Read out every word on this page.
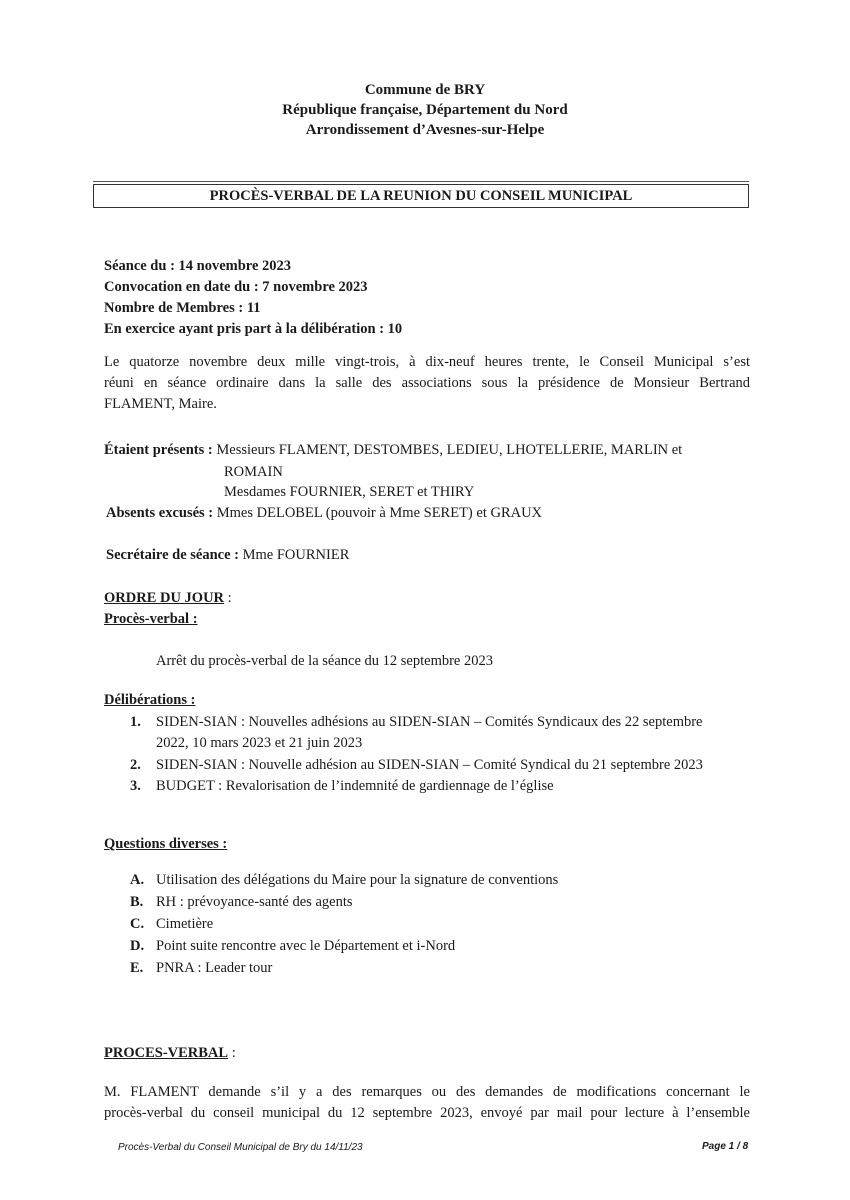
Commune de BRY
République française, Département du Nord
Arrondissement d’Avesnes-sur-Helpe
PROCÈS-VERBAL DE LA REUNION DU CONSEIL MUNICIPAL
Séance du : 14 novembre 2023
Convocation en date du : 7 novembre 2023
Nombre de Membres : 11
En exercice ayant pris part à la délibération : 10
Le quatorze novembre deux mille vingt-trois, à dix-neuf heures trente, le Conseil Municipal s’est
réuni en séance ordinaire dans la salle des associations sous la présidence de Monsieur Bertrand
FLAMENT, Maire.
Étaient présents : Messieurs FLAMENT, DESTOMBES, LEDIEU, LHOTELLERIE, MARLIN et
ROMAIN
Mesdames FOURNIER, SERET et THIRY
Absents excusés : Mmes DELOBEL (pouvoir à Mme SERET) et GRAUX
Secrétaire de séance : Mme FOURNIER
ORDRE DU JOUR :
Procès-verbal :
Arrêt du procès-verbal de la séance du 12 septembre 2023
Délibérations :
1. SIDEN-SIAN : Nouvelles adhésions au SIDEN-SIAN – Comités Syndicaux des 22 septembre
2022, 10 mars 2023 et 21 juin 2023
2. SIDEN-SIAN : Nouvelle adhésion au SIDEN-SIAN – Comité Syndical du 21 septembre 2023
3. BUDGET : Revalorisation de l’indemnité de gardiennage de l’église
Questions diverses :
A. Utilisation des délégations du Maire pour la signature de conventions
B. RH : prévoyance-santé des agents
C. Cimetière
D. Point suite rencontre avec le Département et i-Nord
E. PNRA : Leader tour
PROCES-VERBAL :
M. FLAMENT demande s’il y a des remarques ou des demandes de modifications concernant le
procès-verbal du conseil municipal du 12 septembre 2023, envoyé par mail pour lecture à l’ensemble
Procès-Verbal du Conseil Municipal de Bry du 14/11/23	Page 1 / 8
